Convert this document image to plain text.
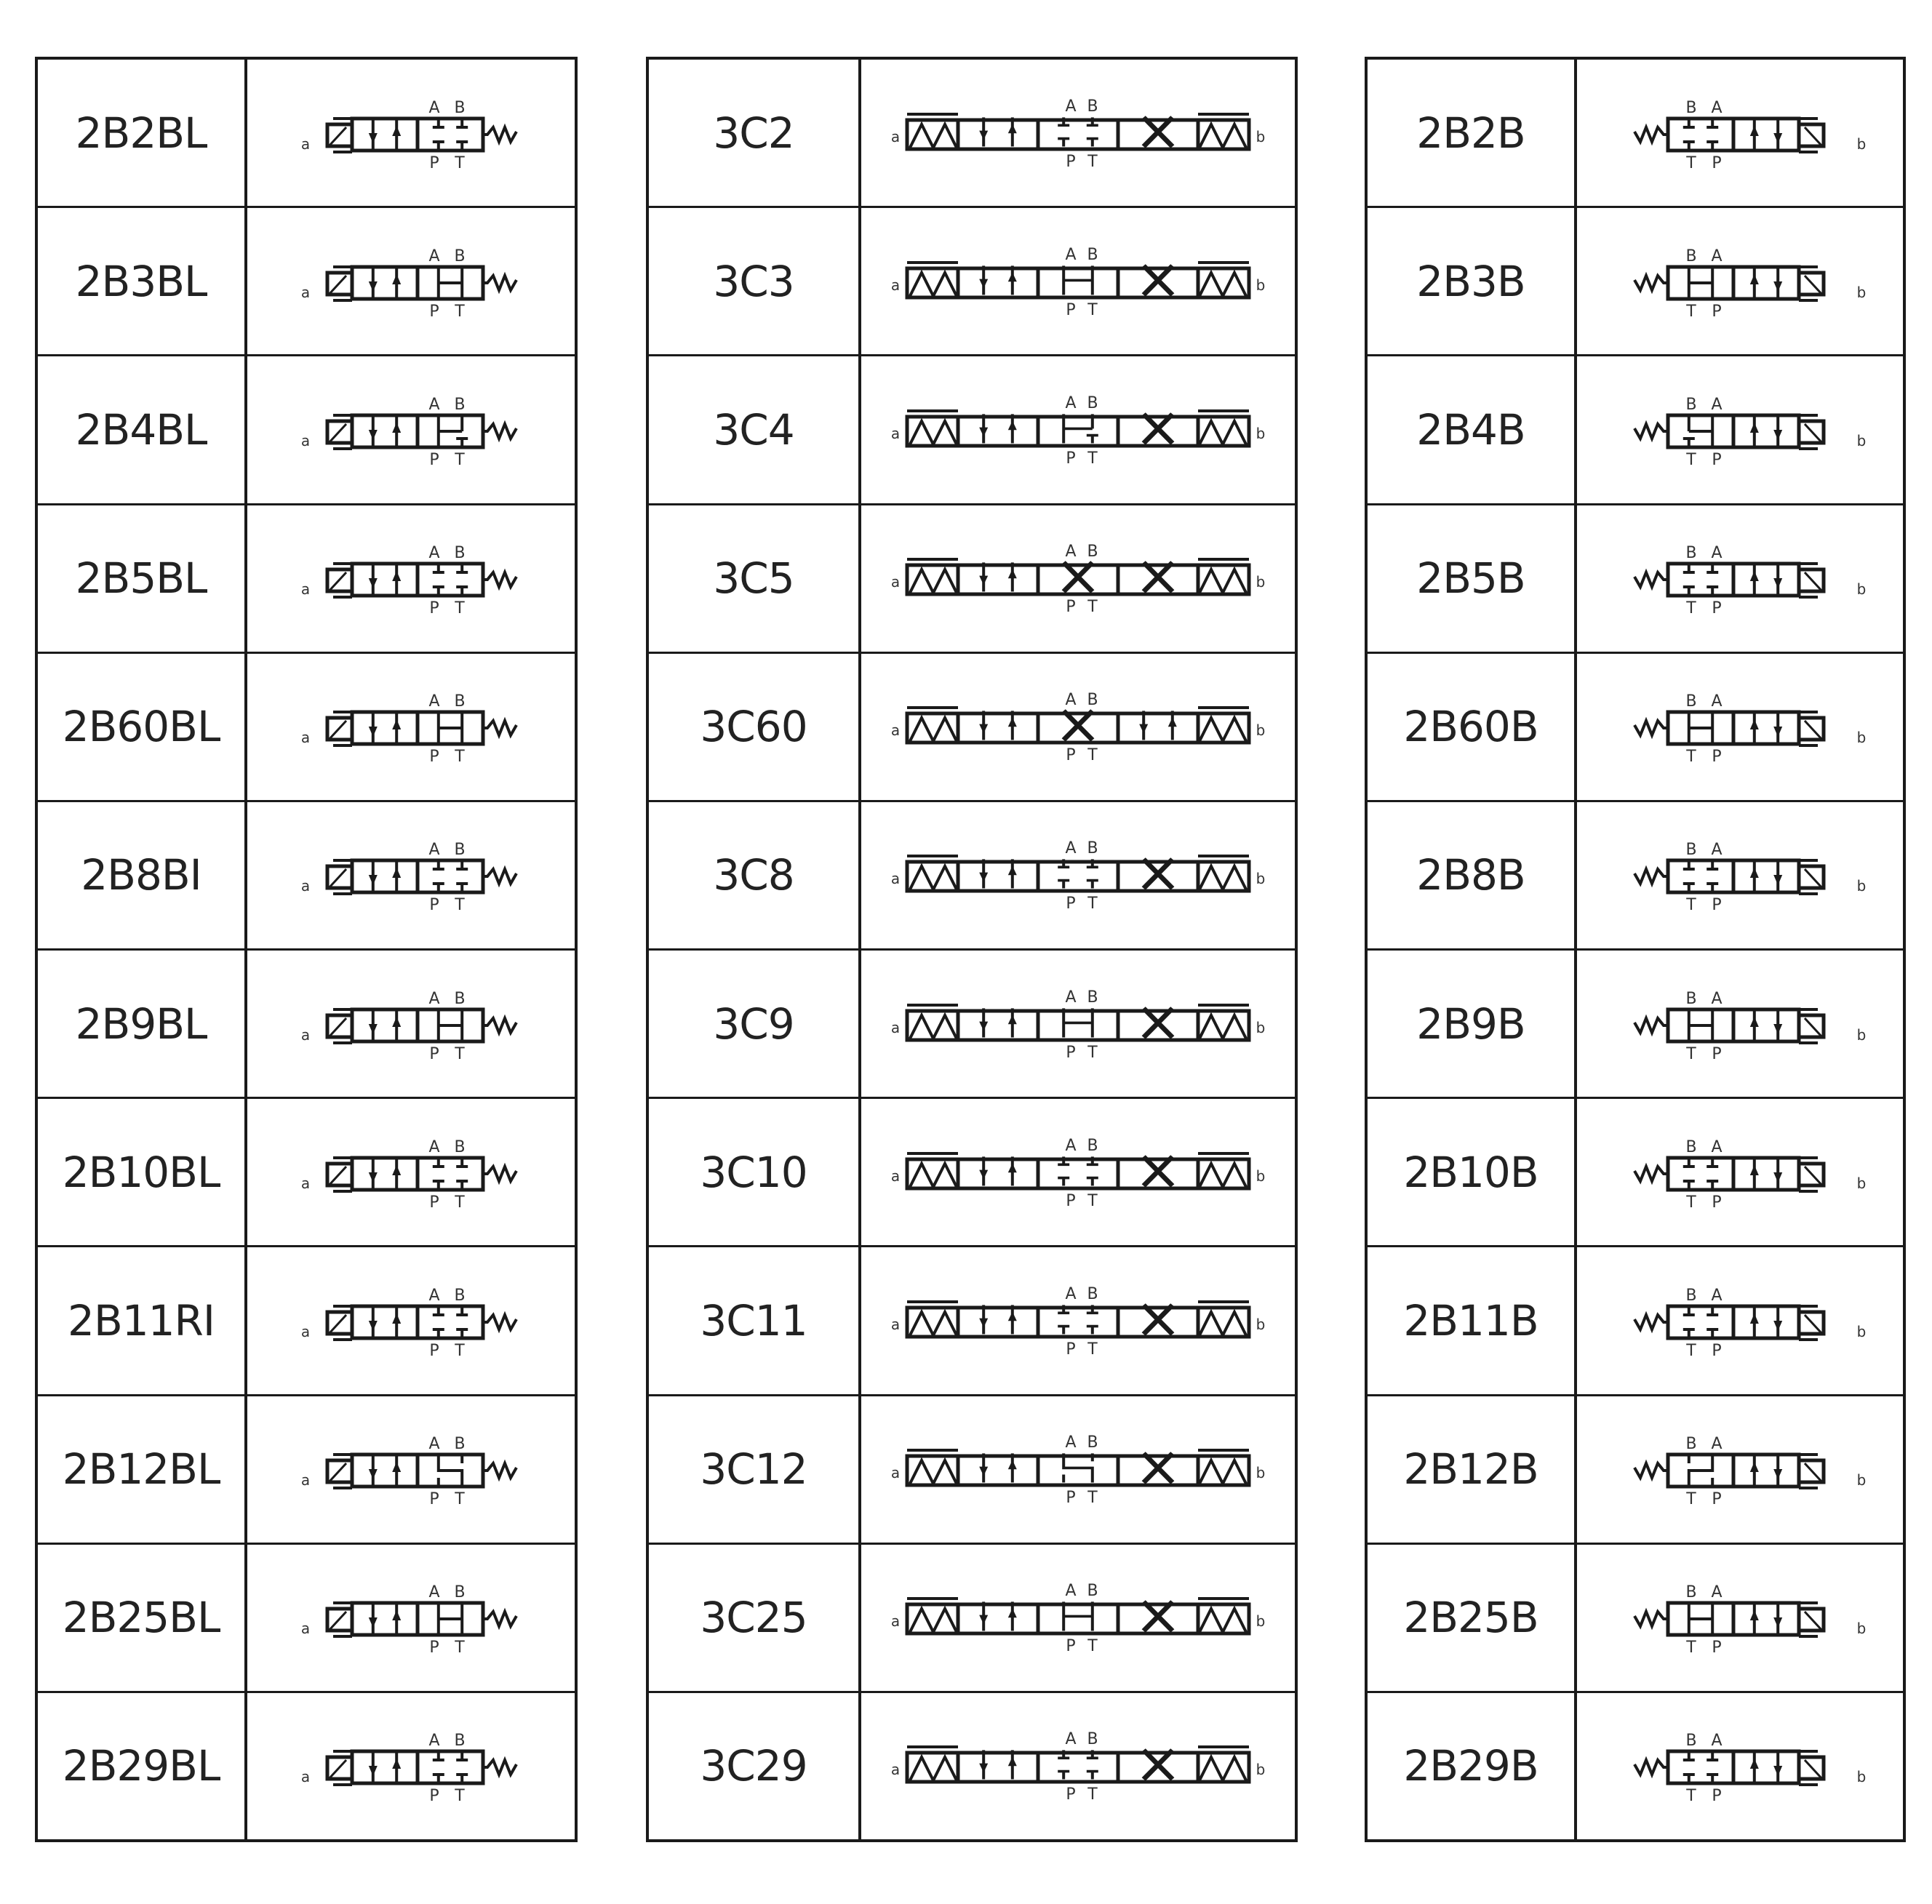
2B2BL
A B
P T
a
2B3BL
A B
P T
a
2B4BL
A B
P T
a
2B5BL
A B
P T
a
2B60BL
A B
P T
a
2B8BI
A B
P T
a
2B9BL
A B
P T
a
2B10BL
A B
P T
a
2B11RI
A B
P T
a
2B12BL
A B
P T
a
2B25BL
A B
P T
a
2B29BL
A B
P T
a
3C2
A B
P T
a	b
3C3
A B
P T
a	b
3C4
A B
P T
a	b
3C5
A B
P T
a	b
3C60
A B
P T
a	b
3C8
A B
P T
a	b
3C9
A B
P T
a	b
3C10
A B
P T
a	b
3C11
A B
P T
a	b
3C12
A B
P T
a	b
3C25
A B
P T
a	b
3C29
A B
P T
a	b
2B2B
A
B
P
T
b
2B3B
A
B
P
T
b
2B4B
A
B
P
T
b
2B5B
A
B
P
T
b
2B60B
A
B
P
T
b
2B8B
A
B
P
T
b
2B9B
A
B
P
T
b
2B10B
A
B
P
T
b
2B11B
A
B
P
T
b
2B12B
A
B
P
T
b
2B25B
A
B
P
T
b
2B29B
A
B
P
T
b
